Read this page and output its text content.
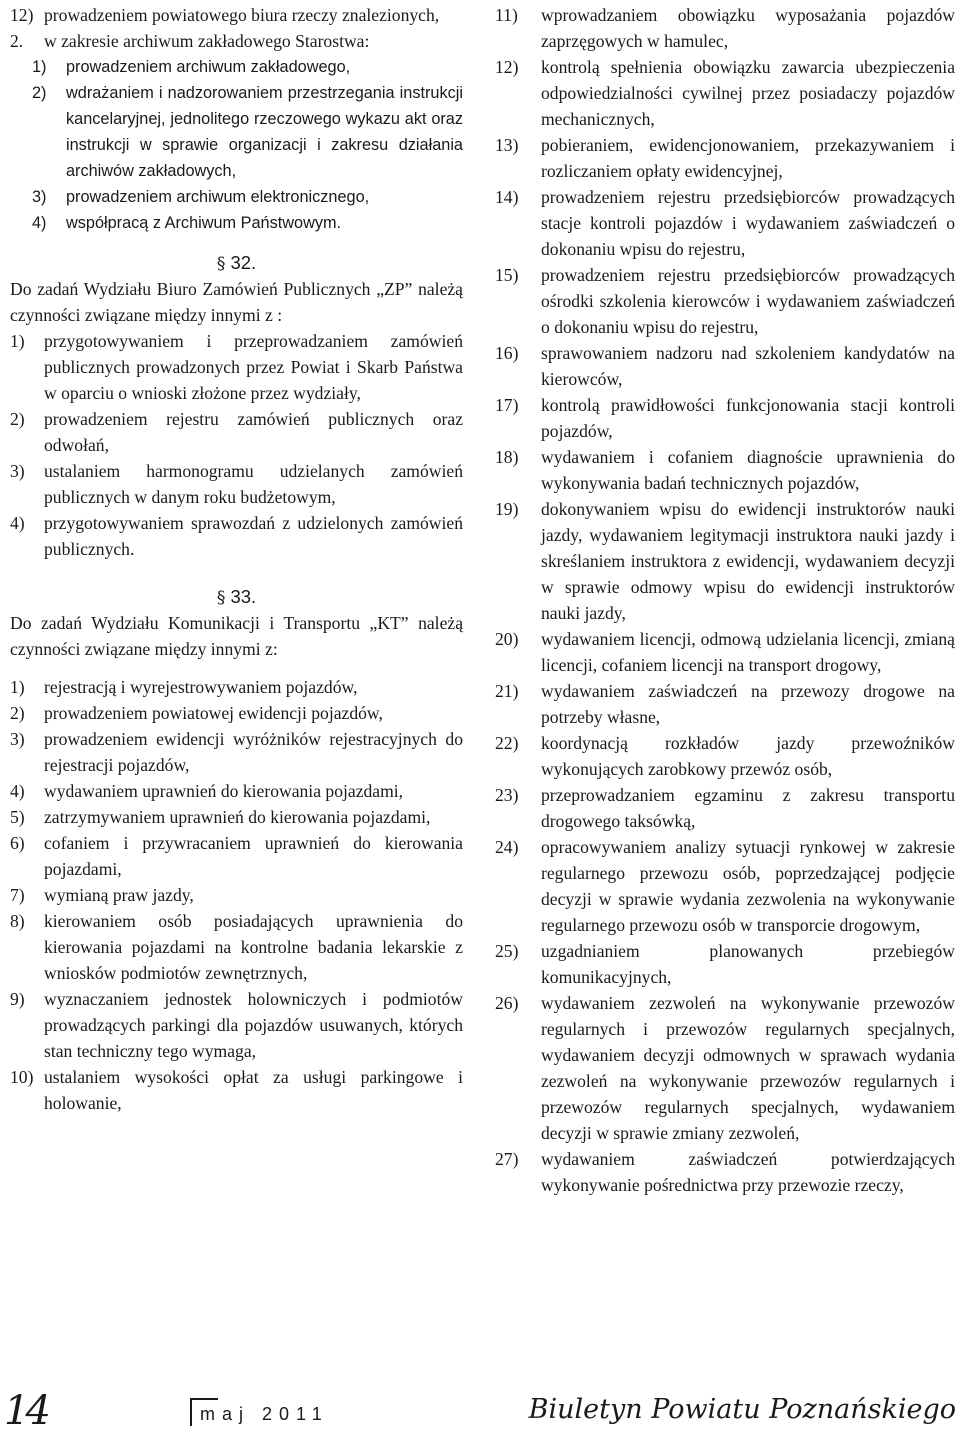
12) prowadzeniem powiatowego biura rzeczy znalezionych,
2.	w zakresie archiwum zakładowego Starostwa:
1)	prowadzeniem archiwum zakładowego,
2)	wdrażaniem i nadzorowaniem przestrzegania instrukcji kancelaryjnej, jednolitego rzeczowego wykazu akt oraz instrukcji w sprawie organizacji i zakresu działania archiwów zakładowych,
3)	prowadzeniem archiwum elektronicznego,
4)	współpracą z Archiwum Państwowym.
§ 32.

Do zadań Wydziału Biuro Zamówień Publicznych „ZP” należą czynności związane między innymi z :

1)	przygotowywaniem i przeprowadzaniem zamówień publicznych prowadzonych przez Powiat i Skarb Państwa w oparciu o wnioski złożone przez wydziały,
2)	prowadzeniem rejestru zamówień publicznych oraz odwołań,
3)	ustalaniem harmonogramu udzielanych zamówień publicznych w danym roku budżetowym,
4)	przygotowywaniem sprawozdań z udzielonych zamówień publicznych.
§ 33.

Do zadań Wydziału Komunikacji i Transportu „KT” należą czynności związane między innymi z:

1)	rejestracją i wyrejestrowywaniem pojazdów,
2)	prowadzeniem powiatowej ewidencji pojazdów,
3)	prowadzeniem ewidencji wyróżników rejestracyjnych do rejestracji pojazdów,
4)	wydawaniem uprawnień do kierowania pojazdami,
5)	zatrzymywaniem uprawnień do kierowania pojazdami,
6)	cofaniem i przywracaniem uprawnień do kierowania pojazdami,
7)	wymianą praw jazdy,
8)	kierowaniem osób posiadających uprawnienia do kierowania pojazdami na kontrolne badania lekarskie z wniosków podmiotów zewnętrznych,
9)	wyznaczaniem jednostek holowniczych i podmiotów prowadzących parkingi dla pojazdów usuwanych, których stan techniczny tego wymaga,
10) ustalaniem wysokości opłat za usługi parkingowe i holowanie,
11)	wprowadzaniem obowiązku wyposażania pojazdów zaprzęgowych w hamulec,
12)	kontrolą spełnienia obowiązku zawarcia ubezpieczenia odpowiedzialności cywilnej przez posiadaczy pojazdów mechanicznych,
13)	pobieraniem, ewidencjonowaniem, przekazywaniem i rozliczaniem opłaty ewidencyjnej,
14)	prowadzeniem rejestru przedsiębiorców prowadzących stacje kontroli pojazdów i wydawaniem zaświadczeń o dokonaniu wpisu do rejestru,
15)	prowadzeniem rejestru przedsiębiorców prowadzących ośrodki szkolenia kierowców i wydawaniem zaświadczeń o dokonaniu wpisu do rejestru,
16)	sprawowaniem nadzoru nad szkoleniem kandydatów na kierowców,
17)	kontrolą prawidłowości funkcjonowania stacji kontroli pojazdów,
18)	wydawaniem i cofaniem diagnoście uprawnienia do wykonywania badań technicznych pojazdów,
19)	dokonywaniem wpisu do ewidencji instruktorów nauki jazdy, wydawaniem legitymacji instruktora nauki jazdy i skreślaniem instruktora z ewidencji, wydawaniem decyzji w sprawie odmowy wpisu do ewidencji instruktorów nauki jazdy,
20)	wydawaniem licencji, odmową udzielania licencji, zmianą licencji, cofaniem licencji na transport drogowy,
21)	wydawaniem zaświadczeń na przewozy drogowe na potrzeby własne,
22)	koordynacją rozkładów jazdy przewoźników wykonujących zarobkowy przewóz osób,
23)	przeprowadzaniem egzaminu z zakresu transportu drogowego taksówką,
24)	opracowywaniem analizy sytuacji rynkowej w zakresie regularnego przewozu osób, poprzedzającej podjęcie decyzji w sprawie wydania zezwolenia na wykonywanie regularnego przewozu osób w transporcie drogowym,
25)	uzgadnianiem planowanych przebiegów komunikacyjnych,
26)	wydawaniem zezwoleń na wykonywanie przewozów regularnych i przewozów regularnych specjalnych, wydawaniem decyzji odmownych w sprawach wydania zezwoleń na wykonywanie przewozów regularnych i przewozów regularnych specjalnych, wydawaniem decyzji w sprawie zmiany zezwoleń,
27)	wydawaniem zaświadczeń potwierdzających wykonywanie pośrednictwa przy przewozie rzeczy,
14	maj 2011	Biuletyn Powiatu Poznańskiego
